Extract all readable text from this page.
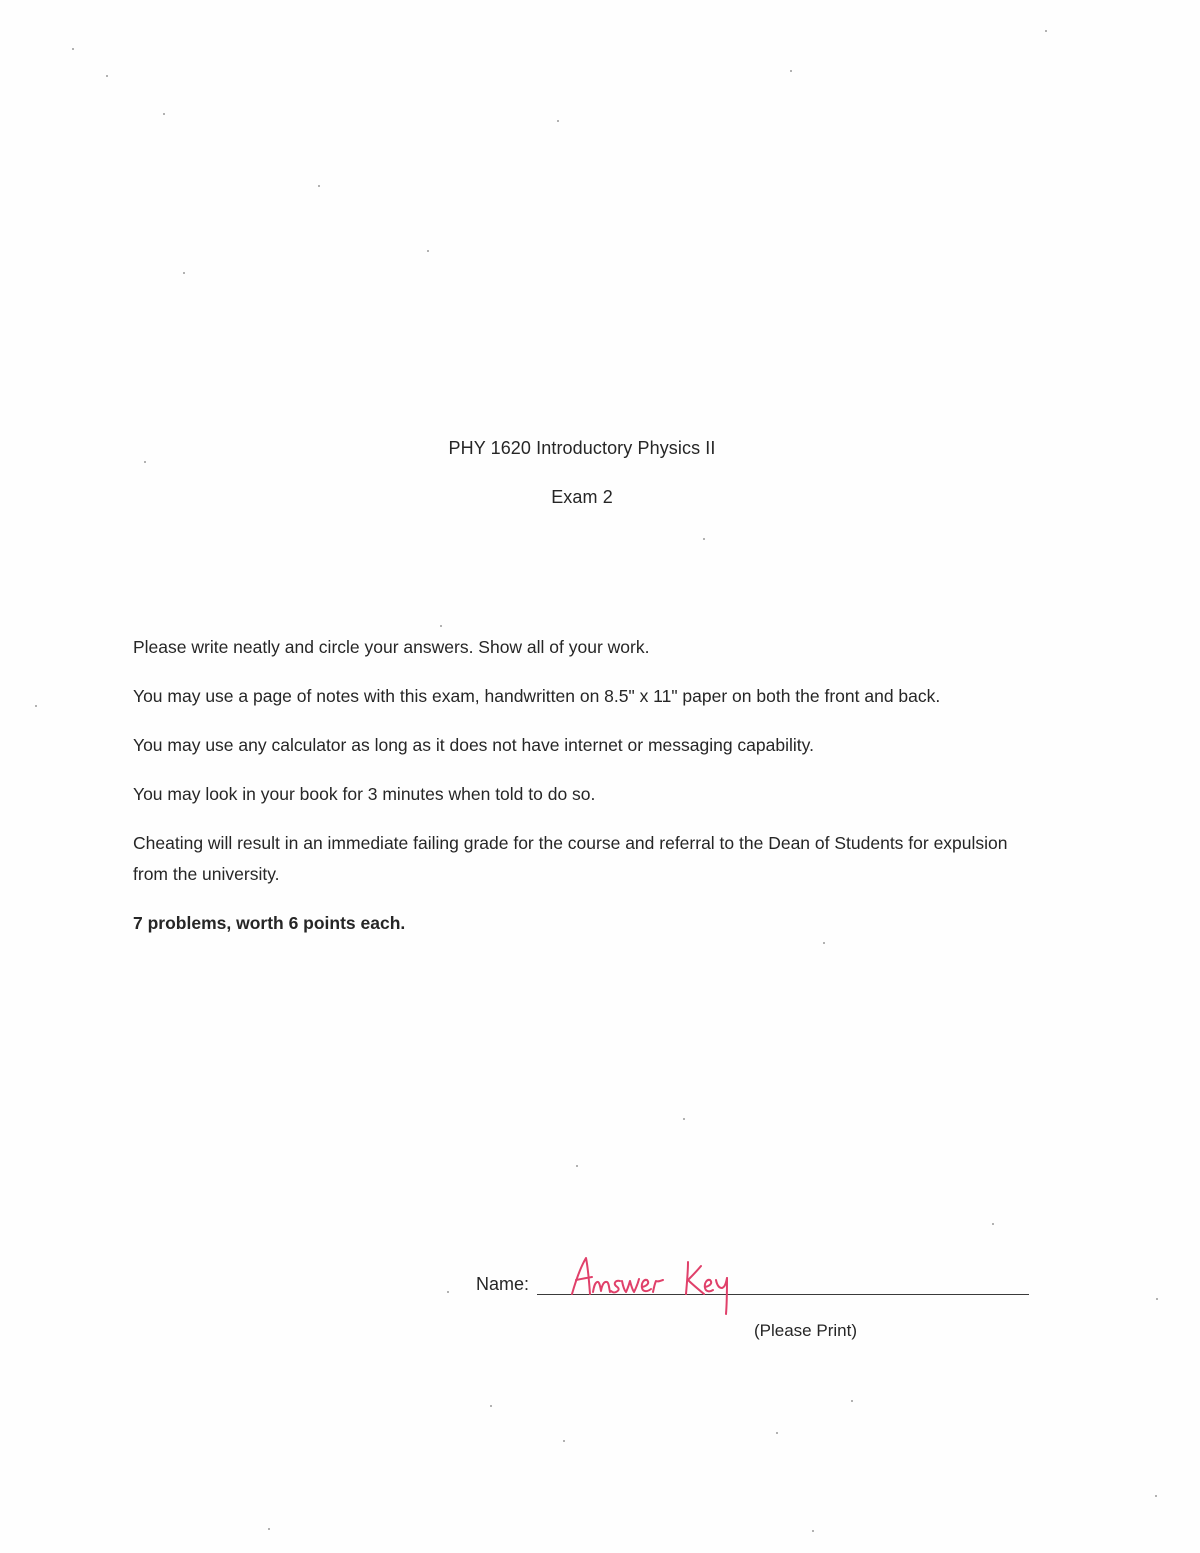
PHY 1620 Introductory Physics II
Exam 2

Please write neatly and circle your answers. Show all of your work.

You may use a page of notes with this exam, handwritten on 8.5" x 11" paper on both the front and back.

You may use any calculator as long as it does not have internet or messaging capability.

You may look in your book for 3 minutes when told to do so.

Cheating will result in an immediate failing grade for the course and referral to the Dean of Students for expulsion from the university.

7 problems, worth 6 points each.

Name:
(Please Print)
